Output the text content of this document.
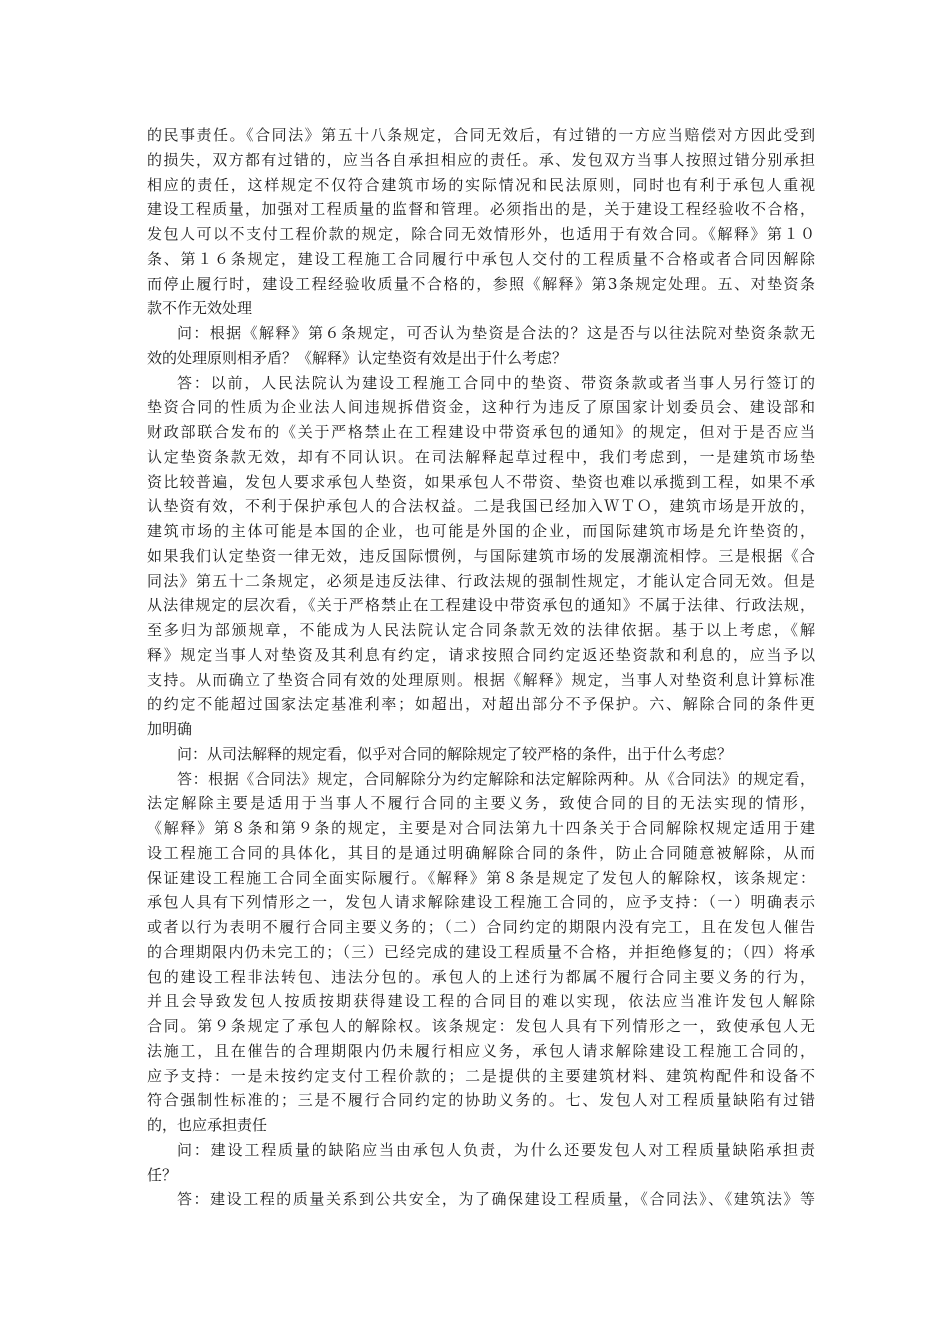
的民事责任。《合同法》第五十八条规定，合同无效后，有过错的一方应当赔偿对方因此受到
的损失，双方都有过错的，应当各自承担相应的责任。承、发包双方当事人按照过错分别承担
相应的责任，这样规定不仅符合建筑市场的实际情况和民法原则，同时也有利于承包人重视
建设工程质量，加强对工程质量的监督和管理。必须指出的是，关于建设工程经验收不合格，
发包人可以不支付工程价款的规定，除合同无效情形外，也适用于有效合同。《解释》第１０
条、第１６条规定，建设工程施工合同履行中承包人交付的工程质量不合格或者合同因解除
而停止履行时，建设工程经验收质量不合格的，参照《解释》第3条规定处理。五、对垫资条
款不作无效处理
问：根据《解释》第６条规定，可否认为垫资是合法的？这是否与以往法院对垫资条款无
效的处理原则相矛盾？《解释》认定垫资有效是出于什么考虑？
答：以前，人民法院认为建设工程施工合同中的垫资、带资条款或者当事人另行签订的
垫资合同的性质为企业法人间违规拆借资金，这种行为违反了原国家计划委员会、建设部和
财政部联合发布的《关于严格禁止在工程建设中带资承包的通知》的规定，但对于是否应当
认定垫资条款无效，却有不同认识。在司法解释起草过程中，我们考虑到，一是建筑市场垫
资比较普遍，发包人要求承包人垫资，如果承包人不带资、垫资也难以承揽到工程，如果不承
认垫资有效，不利于保护承包人的合法权益。二是我国已经加入ＷＴＯ，建筑市场是开放的，
建筑市场的主体可能是本国的企业，也可能是外国的企业，而国际建筑市场是允许垫资的，
如果我们认定垫资一律无效，违反国际惯例，与国际建筑市场的发展潮流相悖。三是根据《合
同法》第五十二条规定，必须是违反法律、行政法规的强制性规定，才能认定合同无效。但是
从法律规定的层次看，《关于严格禁止在工程建设中带资承包的通知》不属于法律、行政法规，
至多归为部颁规章，不能成为人民法院认定合同条款无效的法律依据。基于以上考虑，《解
释》规定当事人对垫资及其利息有约定，请求按照合同约定返还垫资款和利息的，应当予以
支持。从而确立了垫资合同有效的处理原则。根据《解释》规定，当事人对垫资利息计算标准
的约定不能超过国家法定基准利率；如超出，对超出部分不予保护。六、解除合同的条件更
加明确
问：从司法解释的规定看，似乎对合同的解除规定了较严格的条件，出于什么考虑？
答：根据《合同法》规定，合同解除分为约定解除和法定解除两种。从《合同法》的规定看，
法定解除主要是适用于当事人不履行合同的主要义务，致使合同的目的无法实现的情形，
《解释》第８条和第９条的规定，主要是对合同法第九十四条关于合同解除权规定适用于建
设工程施工合同的具体化，其目的是通过明确解除合同的条件，防止合同随意被解除，从而
保证建设工程施工合同全面实际履行。《解释》第８条是规定了发包人的解除权，该条规定：
承包人具有下列情形之一，发包人请求解除建设工程施工合同的，应予支持：（一）明确表示
或者以行为表明不履行合同主要义务的；（二）合同约定的期限内没有完工，且在发包人催告
的合理期限内仍未完工的；（三）已经完成的建设工程质量不合格，并拒绝修复的；（四）将承
包的建设工程非法转包、违法分包的。承包人的上述行为都属不履行合同主要义务的行为，
并且会导致发包人按质按期获得建设工程的合同目的难以实现，依法应当准许发包人解除
合同。第９条规定了承包人的解除权。该条规定：发包人具有下列情形之一，致使承包人无
法施工，且在催告的合理期限内仍未履行相应义务，承包人请求解除建设工程施工合同的，
应予支持：一是未按约定支付工程价款的；二是提供的主要建筑材料、建筑构配件和设备不
符合强制性标准的；三是不履行合同约定的协助义务的。七、发包人对工程质量缺陷有过错
的，也应承担责任
问：建设工程质量的缺陷应当由承包人负责，为什么还要发包人对工程质量缺陷承担责
任？
答：建设工程的质量关系到公共安全，为了确保建设工程质量，《合同法》、《建筑法》等
